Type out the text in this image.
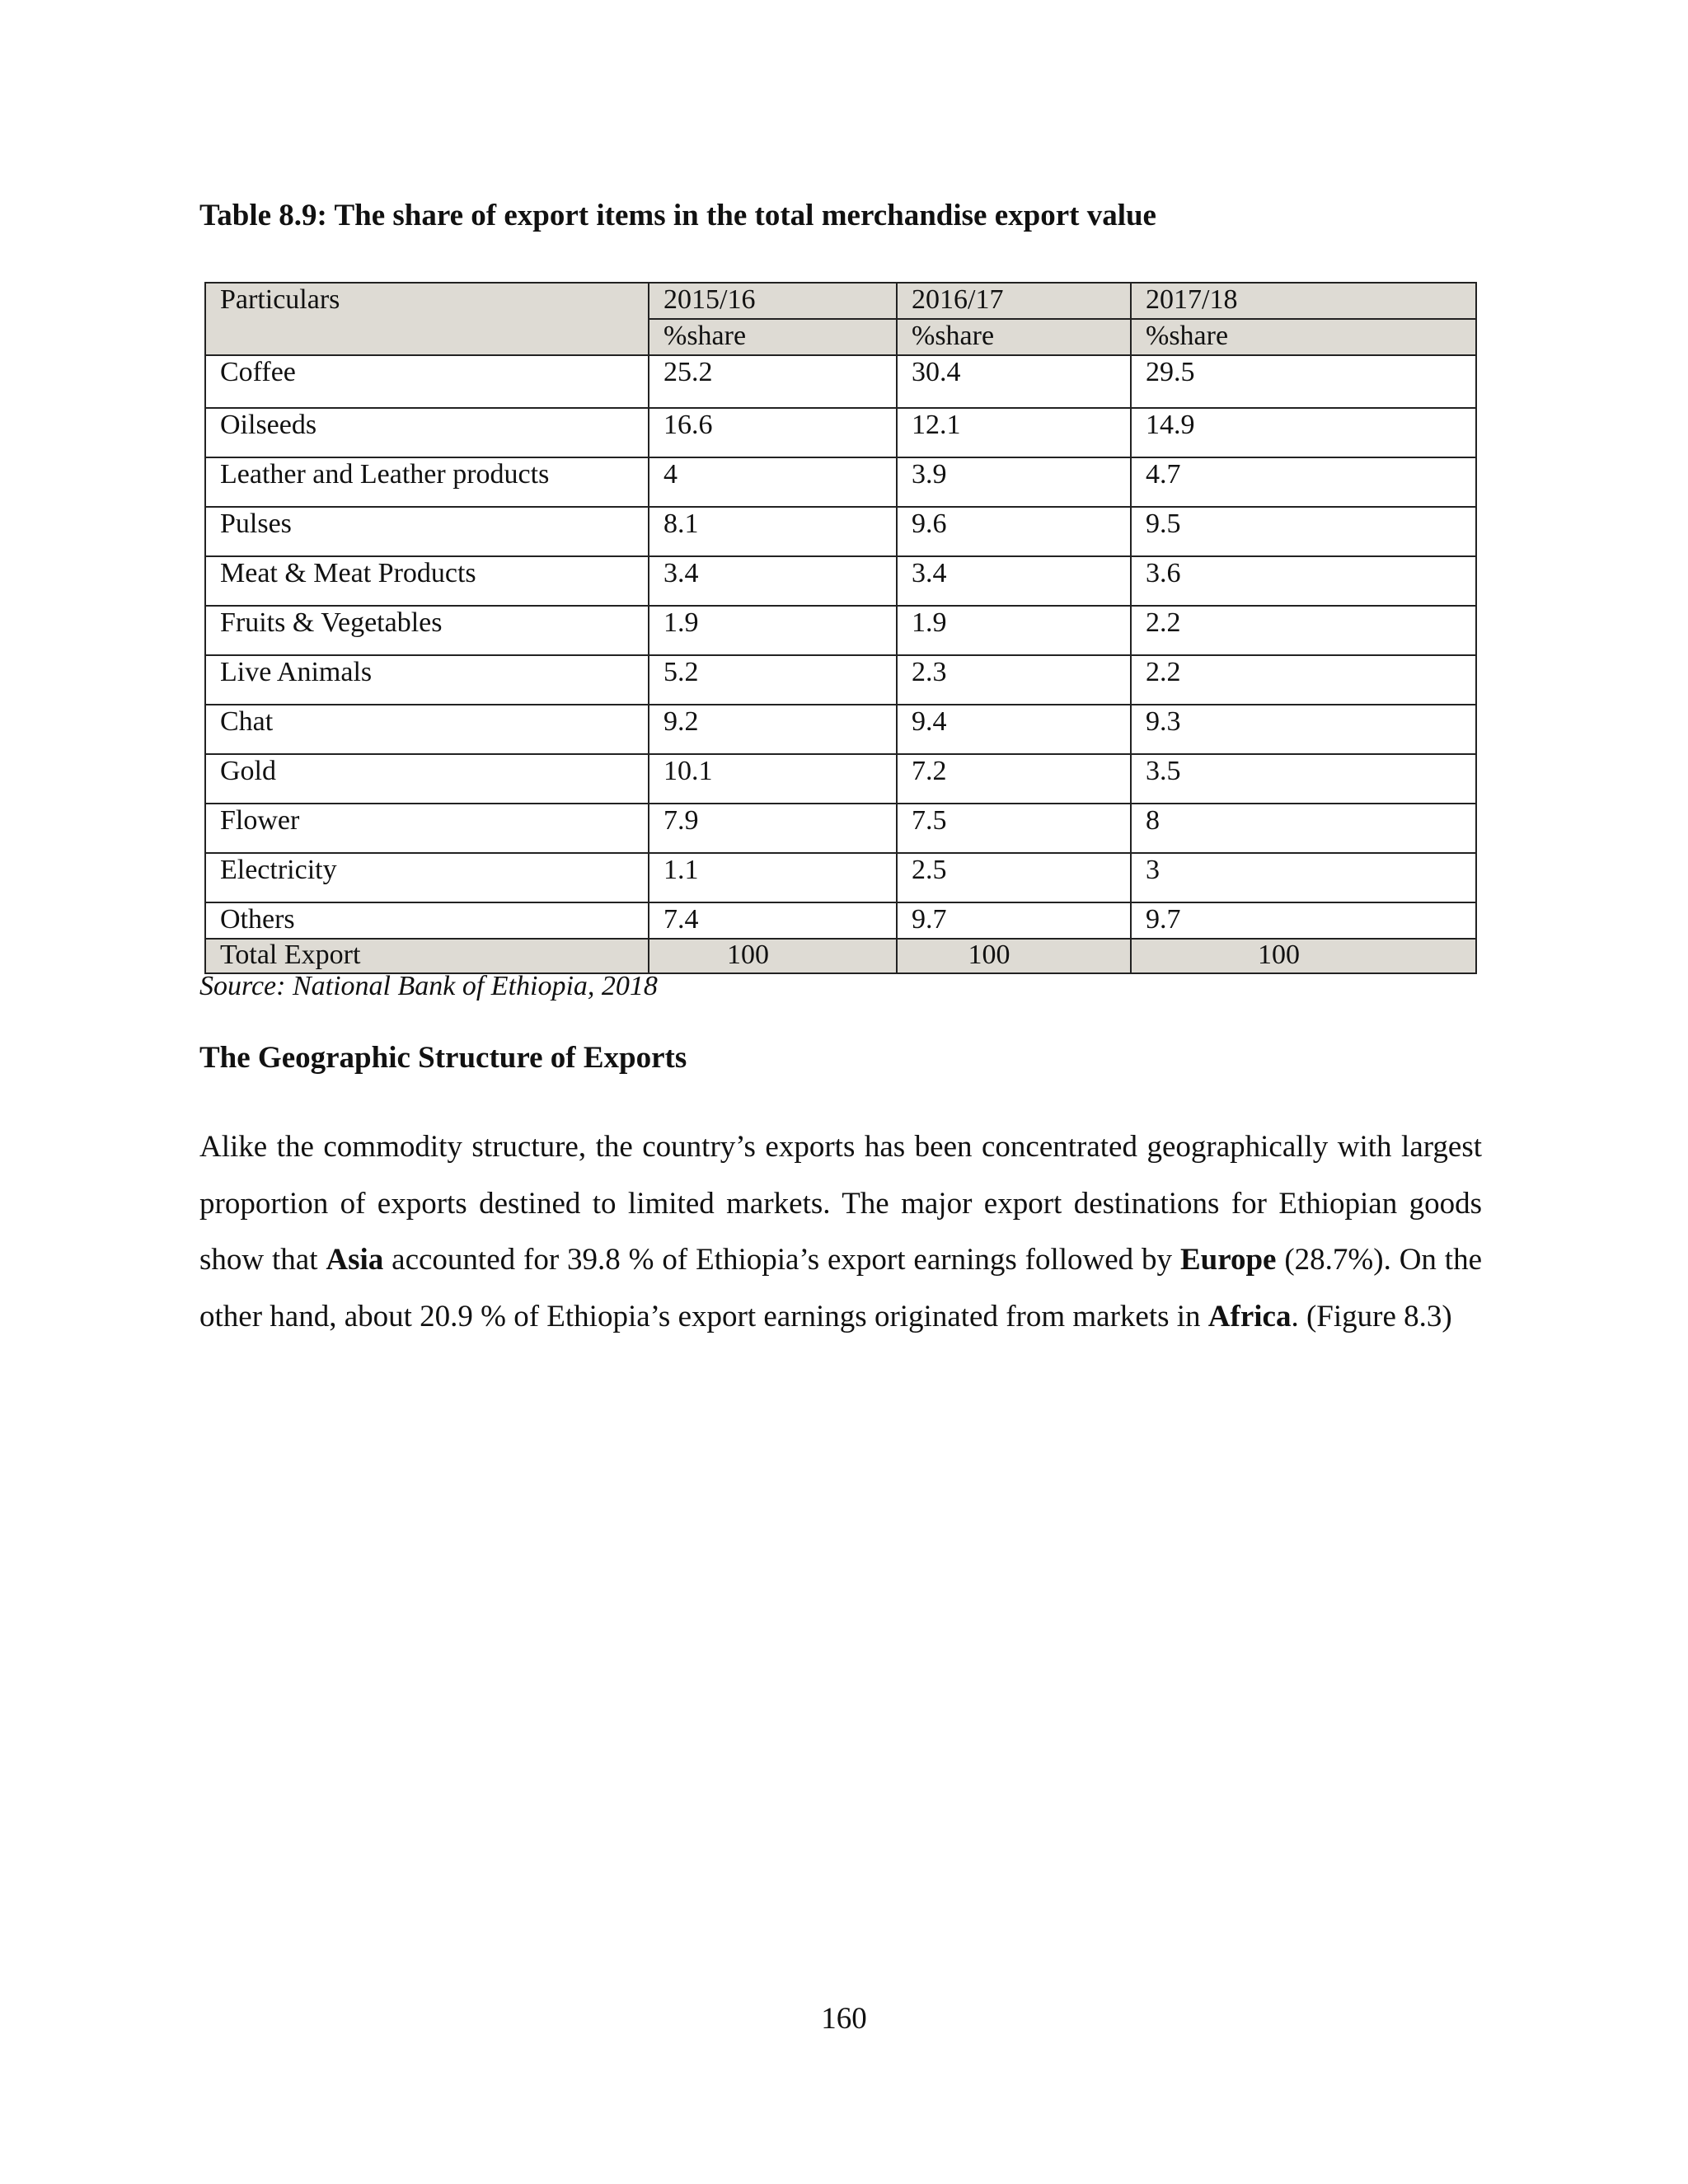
Table 8.9: The share of export items in the total merchandise export value
Particulars	2015/16	2016/17	2017/18
	%share	%share	%share
Coffee	25.2	30.4	29.5
Oilseeds	16.6	12.1	14.9
Leather and Leather products	4	3.9	4.7
Pulses	8.1	9.6	9.5
Meat & Meat Products	3.4	3.4	3.6
Fruits & Vegetables	1.9	1.9	2.2
Live Animals	5.2	2.3	2.2
Chat	9.2	9.4	9.3
Gold	10.1	7.2	3.5
Flower	7.9	7.5	8
Electricity	1.1	2.5	3
Others	7.4	9.7	9.7
Total Export	100	100	100

Source: National Bank of Ethiopia, 2018

The Geographic Structure of Exports

Alike the commodity structure, the country’s exports has been concentrated geographically with largest proportion of exports destined to limited markets. The major export destinations for Ethiopian goods show that Asia accounted for 39.8 % of Ethiopia’s export earnings followed by Europe (28.7%). On the other hand, about 20.9 % of Ethiopia’s export earnings originated from markets in Africa. (Figure 8.3)

160
